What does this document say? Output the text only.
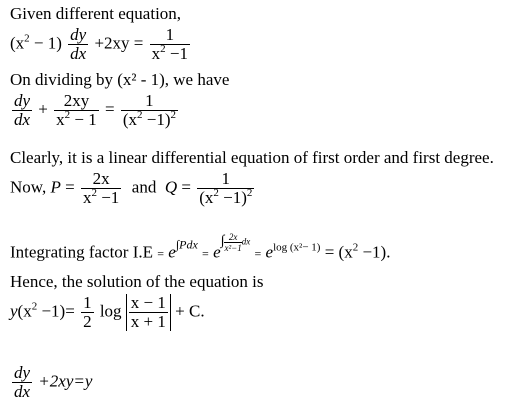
Given different equation,
$(x^2 - 1) \frac{dy}{dx} +2xy = \frac{1}{x^2 -1}$
On dividing by (x² - 1), we have
$\frac{dy}{dx} + \frac{2xy}{x^2 - 1} = \frac{1}{(x^2 -1)^2}$
Clearly, it is a linear differential equation of first order and first degree.
Now, $P = \frac{2x}{x^2 -1}$ and $Q = \frac{1}{(x^2 -1)^2}$
Integrating factor $I.E = e^{\int Pdx} = e\int \frac{2x}{\text{x²−1}}$ dx = $e^{log (x^2- 1)} = (x^2 -1)$.
Hence, the solution of the equation is
$y(x^2 -1)= \frac{1}{2}$ $\log \frac{x - 1}{x + 1} + C$.
$\frac{dy}{dx} +2xy=y$
